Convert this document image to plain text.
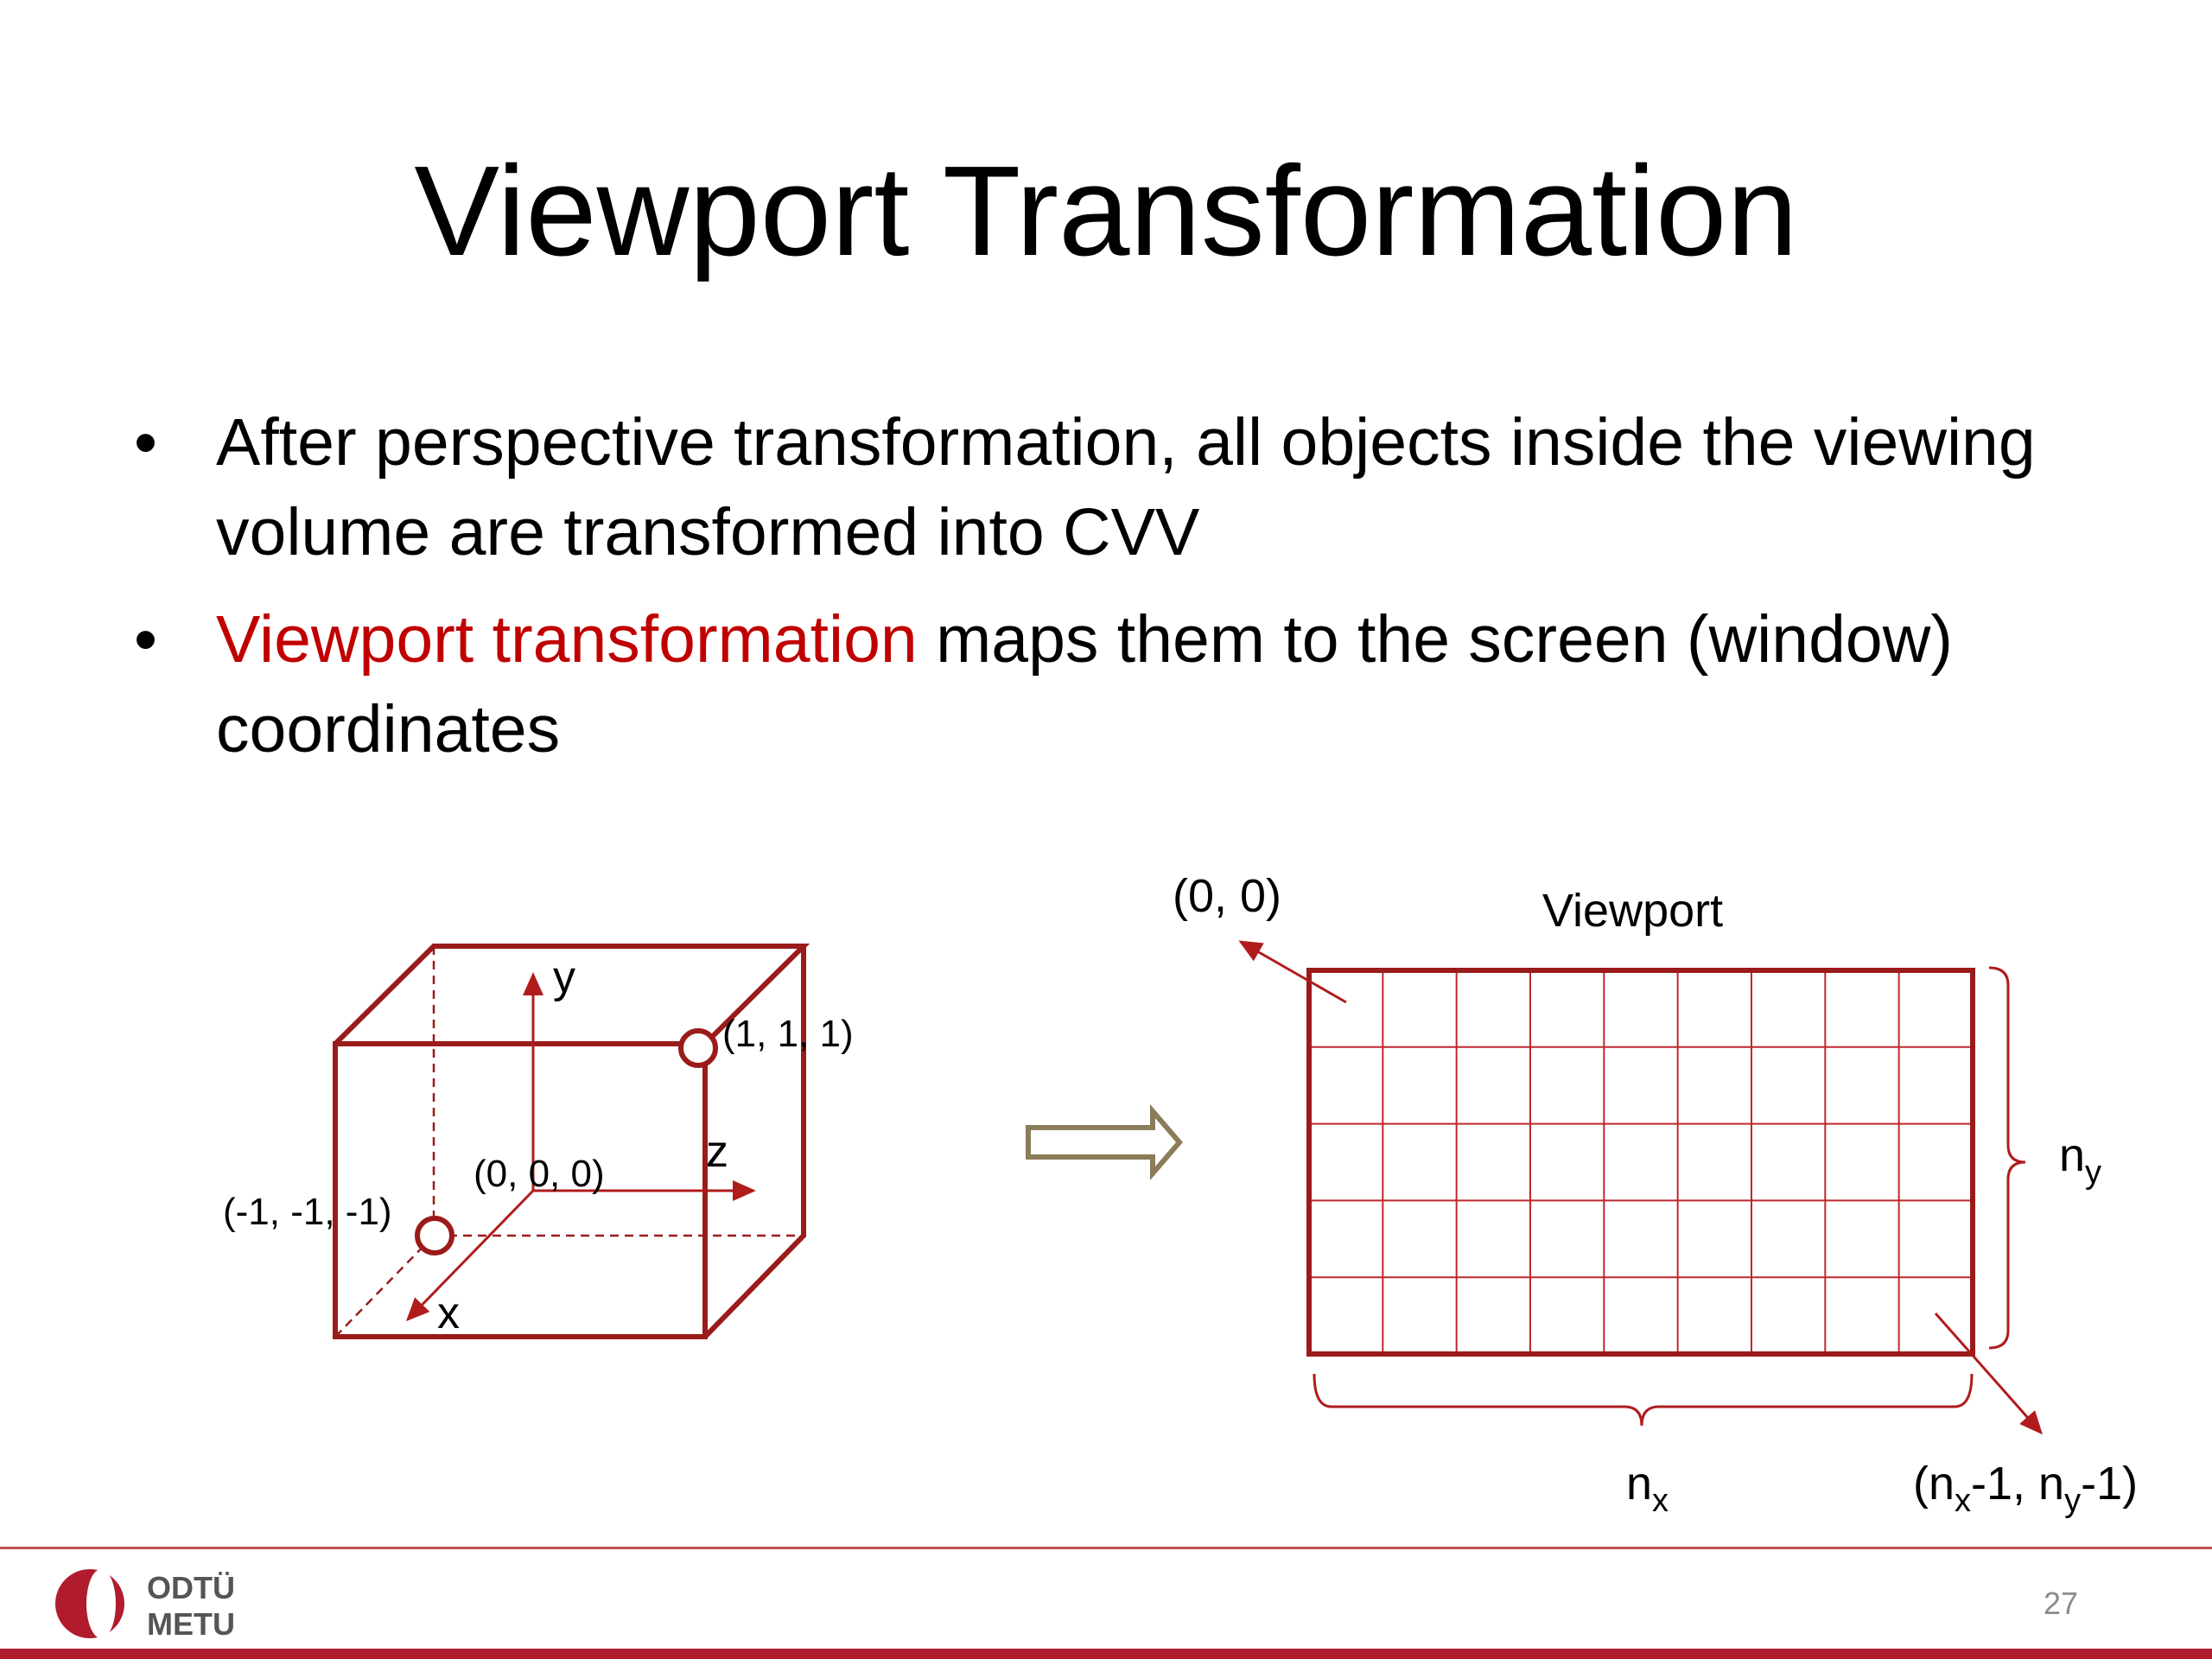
Viewport Transformation
• After perspective transformation, all objects inside the viewing volume are transformed into CVV
• Viewport transformation maps them to the screen (window) coordinates
y
z
x
(1, 1, 1)
(-1, -1, -1)
(0, 0, 0)
Viewport
(0, 0)
$n_y$
$n_x$	($n_x-1$, $n_y-1$)
ODTÜ
METU
27
